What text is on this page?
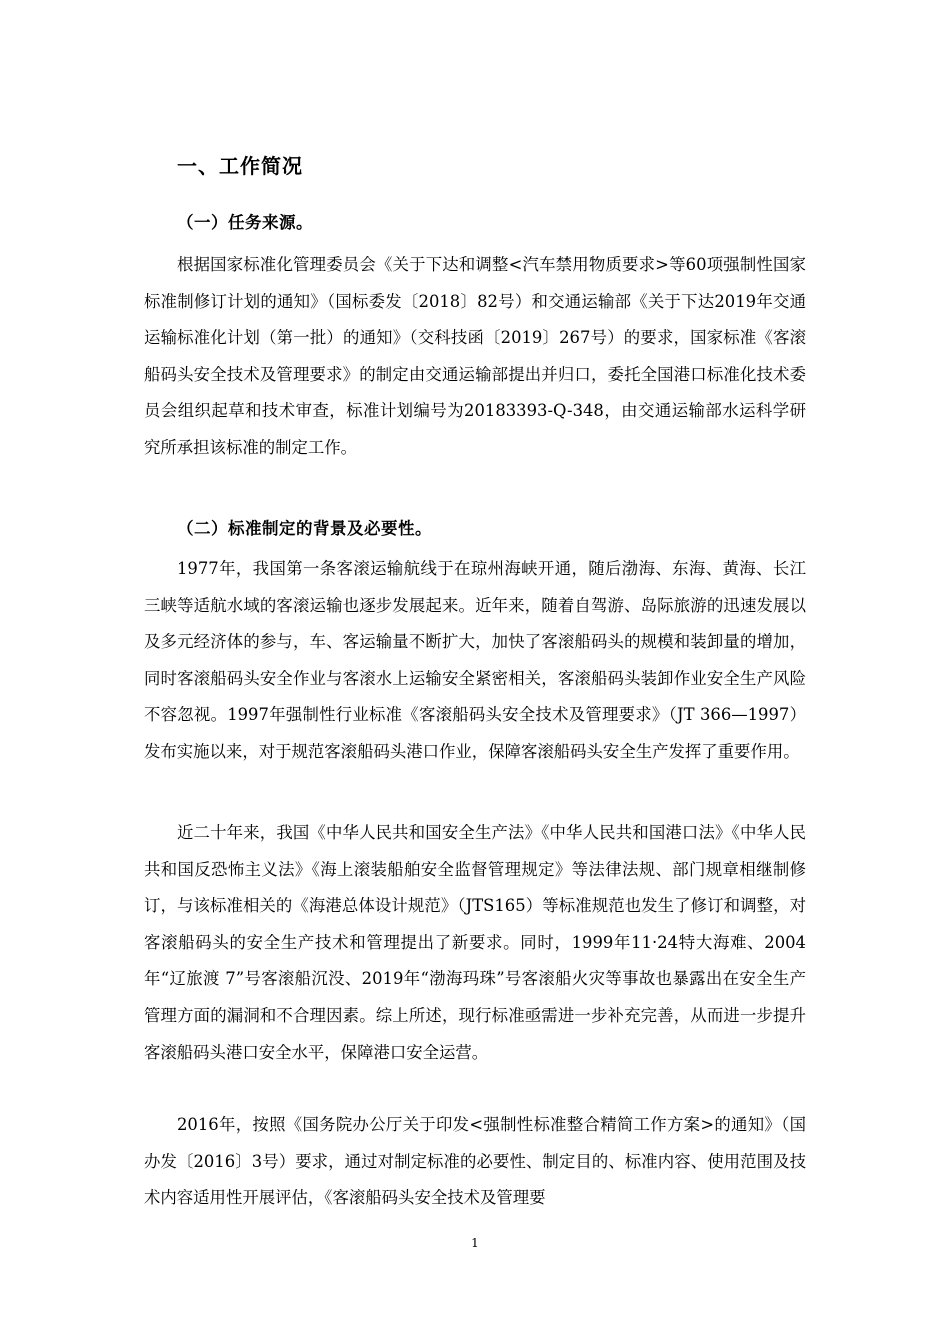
一、工作简况
（一）任务来源。

根据国家标准化管理委员会《关于下达和调整<汽车禁用物质要求>等60项强制性国家标准制修订计划的通知》（国标委发〔2018〕82号）和交通运输部《关于下达2019年交通运输标准化计划（第一批）的通知》（交科技函〔2019〕267号）的要求，国家标准《客滚船码头安全技术及管理要求》的制定由交通运输部提出并归口，委托全国港口标准化技术委员会组织起草和技术审查，标准计划编号为20183393-Q-348，由交通运输部水运科学研究所承担该标准的制定工作。

（二）标准制定的背景及必要性。

1977年，我国第一条客滚运输航线于在琼州海峡开通，随后渤海、东海、黄海、长江三峡等适航水域的客滚运输也逐步发展起来。近年来，随着自驾游、岛际旅游的迅速发展以及多元经济体的参与，车、客运输量不断扩大，加快了客滚船码头的规模和装卸量的增加，同时客滚船码头安全作业与客滚水上运输安全紧密相关，客滚船码头装卸作业安全生产风险不容忽视。1997年强制性行业标准《客滚船码头安全技术及管理要求》（JT 366—1997）发布实施以来，对于规范客滚船码头港口作业，保障客滚船码头安全生产发挥了重要作用。

近二十年来，我国《中华人民共和国安全生产法》《中华人民共和国港口法》《中华人民共和国反恐怖主义法》《海上滚装船舶安全监督管理规定》等法律法规、部门规章相继制修订，与该标准相关的《海港总体设计规范》（JTS165）等标准规范也发生了修订和调整，对客滚船码头的安全生产技术和管理提出了新要求。同时，1999年11·24特大海难、2004年“辽旅渡 7”号客滚船沉没、2019年“渤海玛珠”号客滚船火灾等事故也暴露出在安全生产管理方面的漏洞和不合理因素。综上所述，现行标准亟需进一步补充完善，从而进一步提升客滚船码头港口安全水平，保障港口安全运营。

2016年，按照《国务院办公厅关于印发<强制性标准整合精简工作方案>的通知》（国办发〔2016〕3号）要求，通过对制定标准的必要性、制定目的、标准内容、使用范围及技术内容适用性开展评估，《客滚船码头安全技术及管理要

1
